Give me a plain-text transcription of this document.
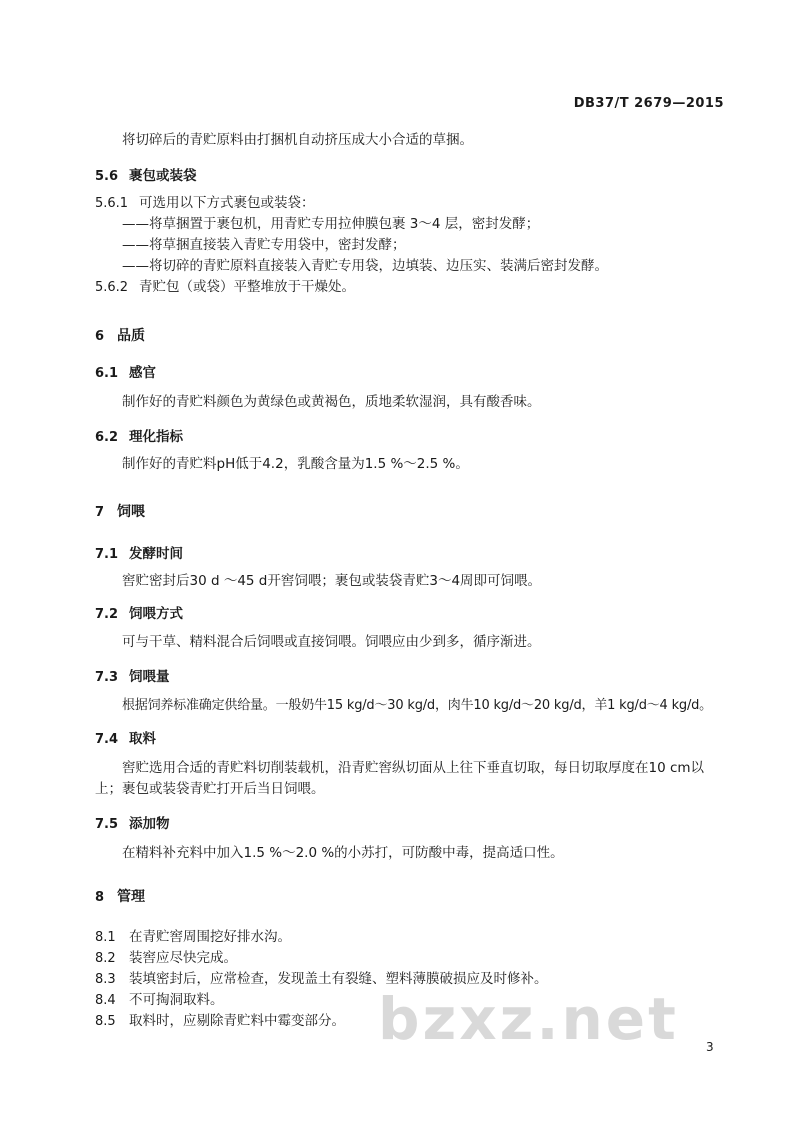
DB37/T 2679—2015
将切碎后的青贮原料由打捆机自动挤压成大小合适的草捆。
5.6 裹包或装袋
5.6.1 可选用以下方式裹包或装袋：
——将草捆置于裹包机，用青贮专用拉伸膜包裹 3～4 层，密封发酵；
——将草捆直接装入青贮专用袋中，密封发酵；
——将切碎的青贮原料直接装入青贮专用袋，边填装、边压实、装满后密封发酵。
5.6.2 青贮包（或袋）平整堆放于干燥处。
6 品质
6.1 感官
制作好的青贮料颜色为黄绿色或黄褐色，质地柔软湿润，具有酸香味。
6.2 理化指标
制作好的青贮料pH低于4.2，乳酸含量为1.5 %～2.5 %。
7 饲喂
7.1 发酵时间
窖贮密封后30 d ～45 d开窖饲喂；裹包或装袋青贮3～4周即可饲喂。
7.2 饲喂方式
可与干草、精料混合后饲喂或直接饲喂。饲喂应由少到多，循序渐进。
7.3 饲喂量
根据饲养标准确定供给量。一般奶牛15 kg/d～30 kg/d，肉牛10 kg/d～20 kg/d，羊1 kg/d～4 kg/d。
7.4 取料
窖贮选用合适的青贮料切削装载机，沿青贮窖纵切面从上往下垂直切取，每日切取厚度在10 cm以
上；裹包或装袋青贮打开后当日饲喂。
7.5 添加物
在精料补充料中加入1.5 %～2.0 %的小苏打，可防酸中毒，提高适口性。
8 管理
8.1 在青贮窖周围挖好排水沟。
8.2 装窖应尽快完成。
8.3 装填密封后，应常检查，发现盖土有裂缝、塑料薄膜破损应及时修补。
8.4 不可掏洞取料。
8.5 取料时，应剔除青贮料中霉变部分。 bzxz.net 3
